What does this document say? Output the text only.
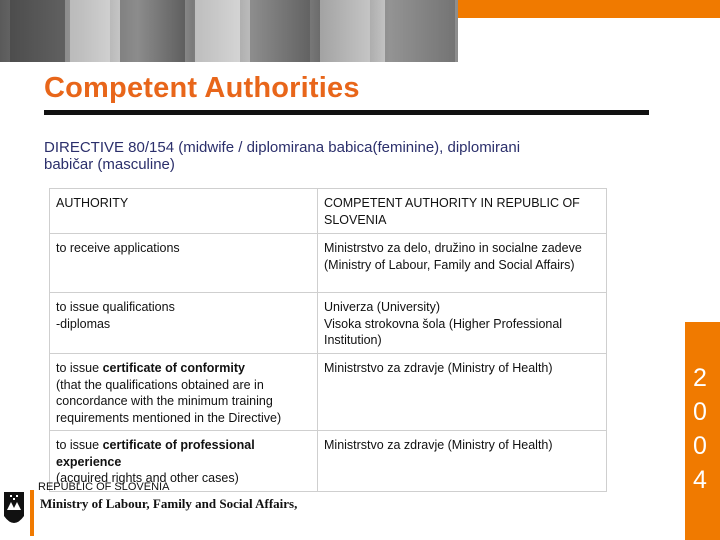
Competent Authorities
DIRECTIVE 80/154 (midwife / diplomirana babica(feminine), diplomirani
babičar (masculine)
AUTHORITY	COMPETENT AUTHORITY IN REPUBLIC OF SLOVENIA
to receive applications	Ministrstvo za delo, družino in socialne zadeve (Ministry of Labour, Family and Social Affairs)

to issue qualifications
-diplomas	Univerza (University)
Visoka strokovna šola (Higher Professional Institution)

to issue certificate of conformity
(that the qualifications obtained are in concordance with the minimum training requirements mentioned in the Directive)	Ministrstvo za zdravje (Ministry of Health)
to issue certificate of professional experience
(acquired rights and other cases)	Ministrstvo za zdravje (Ministry of Health)
REPUBLIC OF SLOVENIA
Ministry of Labour, Family and Social Affairs,
2
0
0
4
